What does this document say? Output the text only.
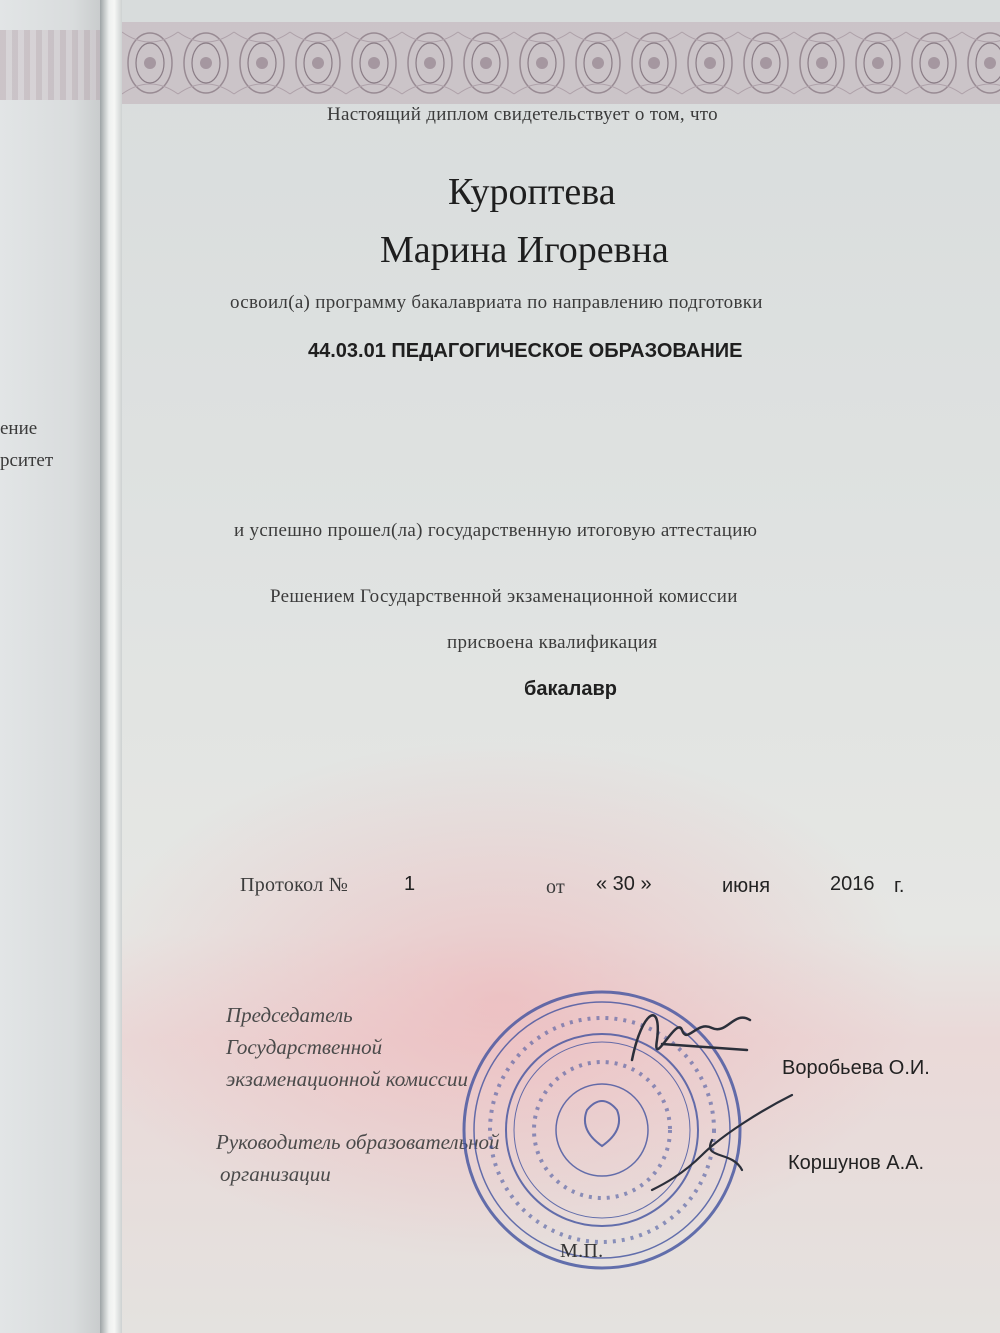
ение
рситет
Настоящий диплом свидетельствует о том, что
Куроптева
Марина Игоревна
освоил(а) программу бакалавриата по направлению подготовки
44.03.01 ПЕДАГОГИЧЕСКОЕ ОБРАЗОВАНИЕ
и успешно прошел(ла) государственную итоговую аттестацию
Решением Государственной экзаменационной комиссии
присвоена квалификация
бакалавр
Протокол №	1	от « 30 »	июня	2016 г.
Председатель
Государственной
экзаменационной комиссии	Воробьева О.И.
Руководитель образовательной
организации	Коршунов А.А.
М.П.
